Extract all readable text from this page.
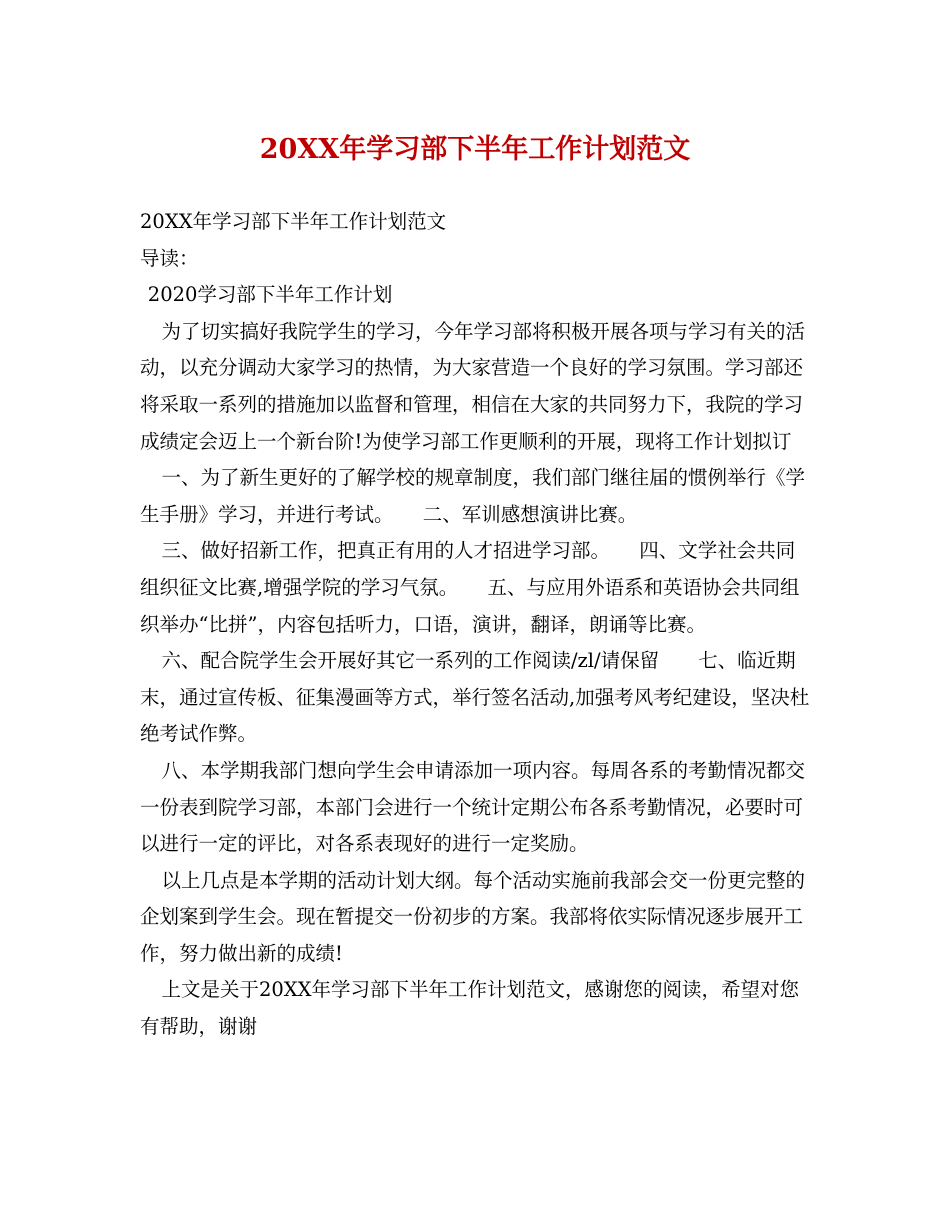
20XX年学习部下半年工作计划范文

20XX年学习部下半年工作计划范文

导读：

2020学习部下半年工作计划

为了切实搞好我院学生的学习，今年学习部将积极开展各项与学习有关的活动，以充分调动大家学习的热情，为大家营造一个良好的学习氛围。学习部还将采取一系列的措施加以监督和管理，相信在大家的共同努力下，我院的学习成绩定会迈上一个新台阶!为使学习部工作更顺利的开展，现将工作计划拟订

一、为了新生更好的了解学校的规章制度，我们部门继往届的惯例举行《学生手册》学习，并进行考试。　　二、军训感想演讲比赛。

三、做好招新工作，把真正有用的人才招进学习部。　　四、文学社会共同组织征文比赛,增强学院的学习气氛。　　五、与应用外语系和英语协会共同组织举办“比拼”，内容包括听力，口语，演讲，翻译，朗诵等比赛。

六、配合院学生会开展好其它一系列的工作阅读/zl/请保留　　七、临近期末，通过宣传板、征集漫画等方式，举行签名活动,加强考风考纪建设，坚决杜绝考试作弊。

八、本学期我部门想向学生会申请添加一项内容。每周各系的考勤情况都交一份表到院学习部，本部门会进行一个统计定期公布各系考勤情况，必要时可以进行一定的评比，对各系表现好的进行一定奖励。

以上几点是本学期的活动计划大纲。每个活动实施前我部会交一份更完整的企划案到学生会。现在暂提交一份初步的方案。我部将依实际情况逐步展开工作，努力做出新的成绩!

上文是关于20XX年学习部下半年工作计划范文，感谢您的阅读，希望对您有帮助，谢谢
